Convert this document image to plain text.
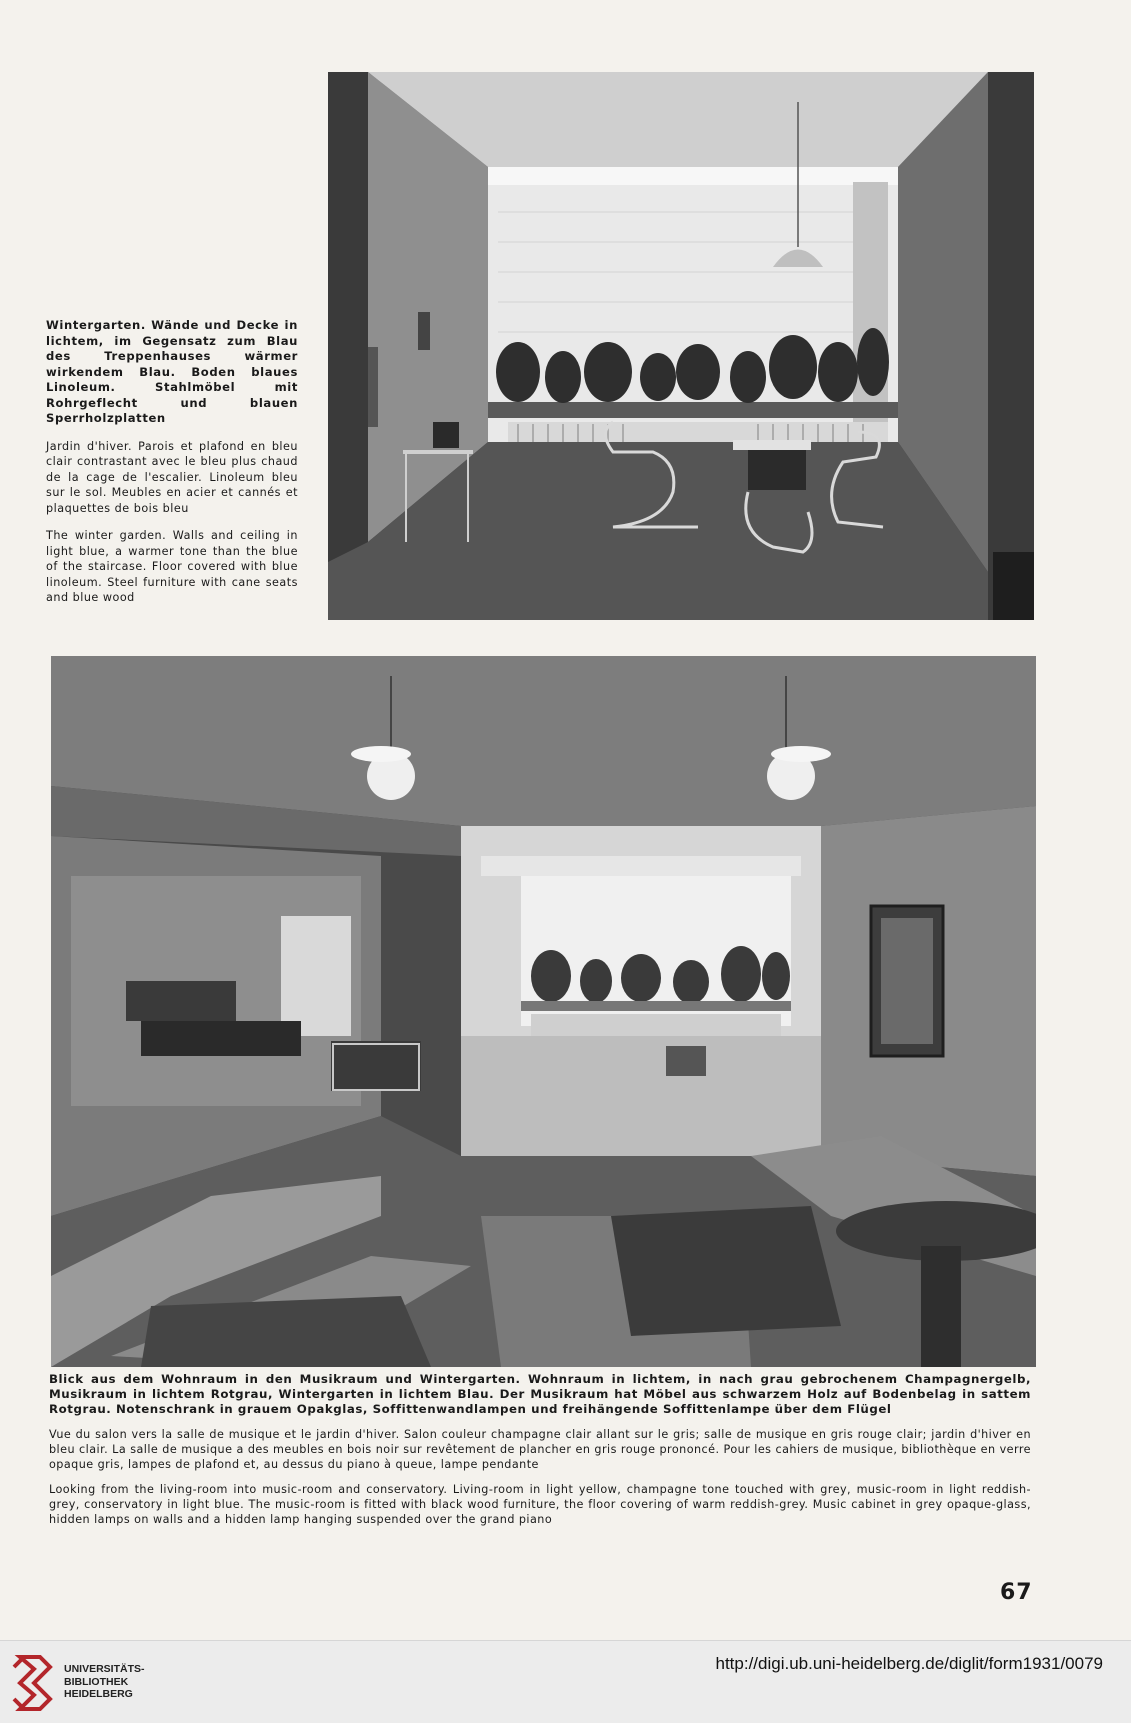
Wintergarten. Wände und Decke in lichtem, im Gegensatz zum Blau des Treppenhauses wärmer wirkendem Blau. Boden blaues Linoleum. Stahlmöbel mit Rohrgeflecht und blauen Sperrholzplatten

Jardin d'hiver. Parois et plafond en bleu clair contrastant avec le bleu plus chaud de la cage de l'escalier. Linoleum bleu sur le sol. Meubles en acier et cannés et plaquettes de bois bleu

The winter garden. Walls and ceiling in light blue, a warmer tone than the blue of the staircase. Floor covered with blue linoleum. Steel furniture with cane seats and blue wood

Blick aus dem Wohnraum in den Musikraum und Wintergarten. Wohnraum in lichtem, in nach grau gebrochenem Champagnergelb, Musikraum in lichtem Rotgrau, Wintergarten in lichtem Blau. Der Musikraum hat Möbel aus schwarzem Holz auf Bodenbelag in sattem Rotgrau. Notenschrank in grauem Opakglas, Soffittenwandlampen und freihängende Soffittenlampe über dem Flügel

Vue du salon vers la salle de musique et le jardin d'hiver. Salon couleur champagne clair allant sur le gris; salle de musique en gris rouge clair; jardin d'hiver en bleu clair. La salle de musique a des meubles en bois noir sur revêtement de plancher en gris rouge prononcé. Pour les cahiers de musique, bibliothèque en verre opaque gris, lampes de plafond et, au dessus du piano à queue, lampe pendante

Looking from the living-room into music-room and conservatory. Living-room in light yellow, champagne tone touched with grey, music-room in light reddish-grey, conservatory in light blue. The music-room is fitted with black wood furniture, the floor covering of warm reddish-grey. Music cabinet in grey opaque-glass, hidden lamps on walls and a hidden lamp hanging suspended over the grand piano

67
UNIVERSITÄTS-
BIBLIOTHEK
HEIDELBERG
http://digi.ub.uni-heidelberg.de/diglit/form1931/0079
